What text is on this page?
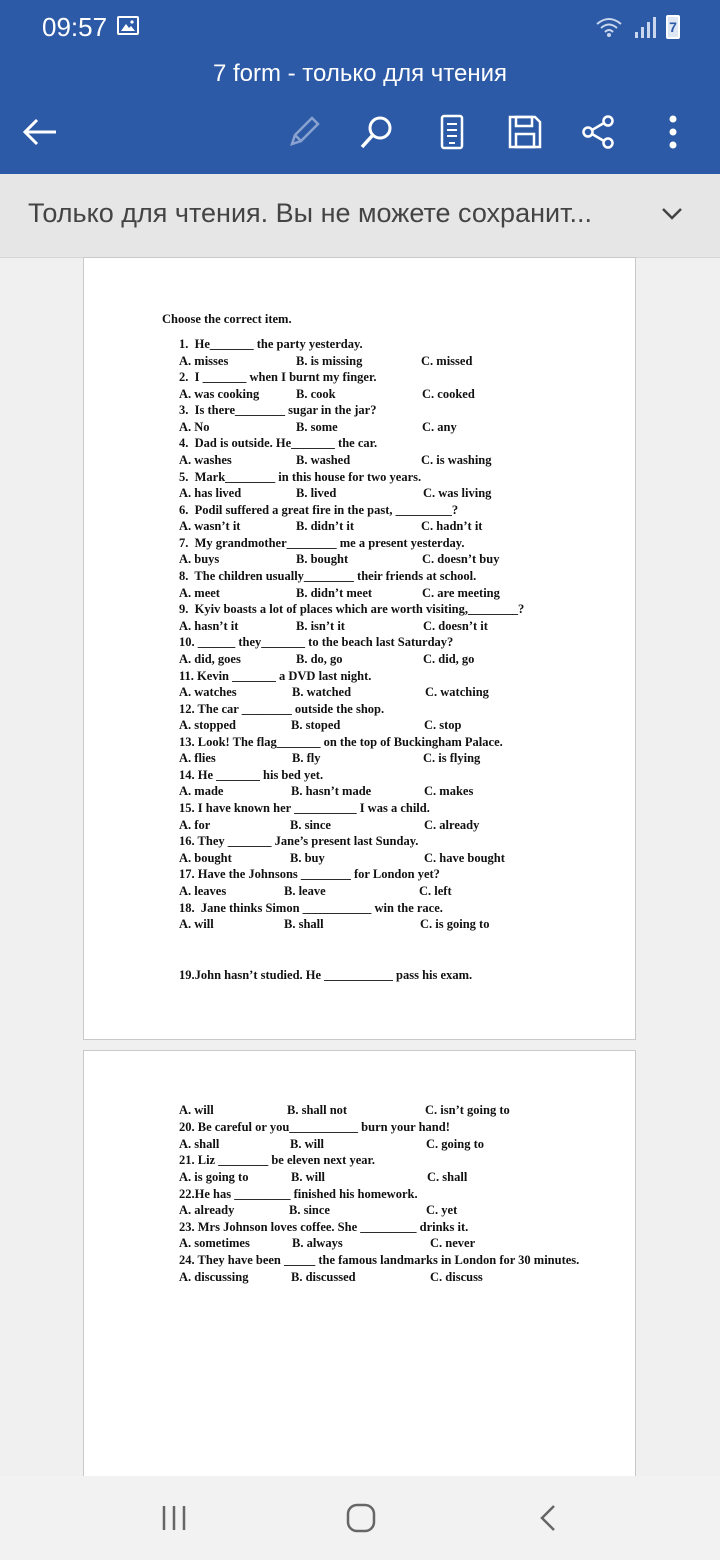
09:57	7
7 form - только для чтения
Только для чтения. Вы не можете сохранит...
Choose the correct item.
1.  He_______ the party yesterday.
A. misses	B. is missing	C. missed
2.  I _______ when I burnt my finger.
A. was cooking	B. cook	C. cooked
3.  Is there________ sugar in the jar?
A. No	B. some	C. any
4.  Dad is outside. He_______ the car.
A. washes	B. washed	C. is washing
5.  Mark________ in this house for two years.
A. has lived	B. lived	C. was living
6.  Podil suffered a great fire in the past, _________?
A. wasn’t it	B. didn’t it	C. hadn’t it
7.  My grandmother________ me a present yesterday.
A. buys	B. bought	C. doesn’t buy
8.  The children usually________ their friends at school.
A. meet	B. didn’t meet	C. are meeting
9.  Kyiv boasts a lot of places which are worth visiting,________?
A. hasn’t it	B. isn’t it	C. doesn’t it
10. ______ they_______ to the beach last Saturday?
A. did, goes	B. do, go	C. did, go
11. Kevin _______ a DVD last night.
A. watches	B. watched	C. watching
12. The car ________ outside the shop.
A. stopped	B. stoped	C. stop
13. Look! The flag_______ on the top of Buckingham Palace.
A. flies	B. fly	C. is flying
14. He _______ his bed yet.
A. made	B. hasn’t made	C. makes
15. I have known her __________ I was a child.
A. for	B. since	C. already
16. They _______ Jane’s present last Sunday.
A. bought	B. buy	C. have bought
17. Have the Johnsons ________ for London yet?
A. leaves	B. leave	C. left
18.  Jane thinks Simon ___________ win the race.
A. will	B. shall	C. is going to
19.John hasn’t studied. He ___________ pass his exam.
A. will	B. shall not	C. isn’t going to
20. Be careful or you___________ burn your hand!
A. shall	B. will	C. going to
21. Liz ________ be eleven next year.
A. is going to	B. will	C. shall
22.He has _________ finished his homework.
A. already	B. since	C. yet
23. Mrs Johnson loves coffee. She _________ drinks it.
A. sometimes	B. always	C. never
24. They have been _____ the famous landmarks in London for 30 minutes.
A. discussing	B. discussed	C. discuss
